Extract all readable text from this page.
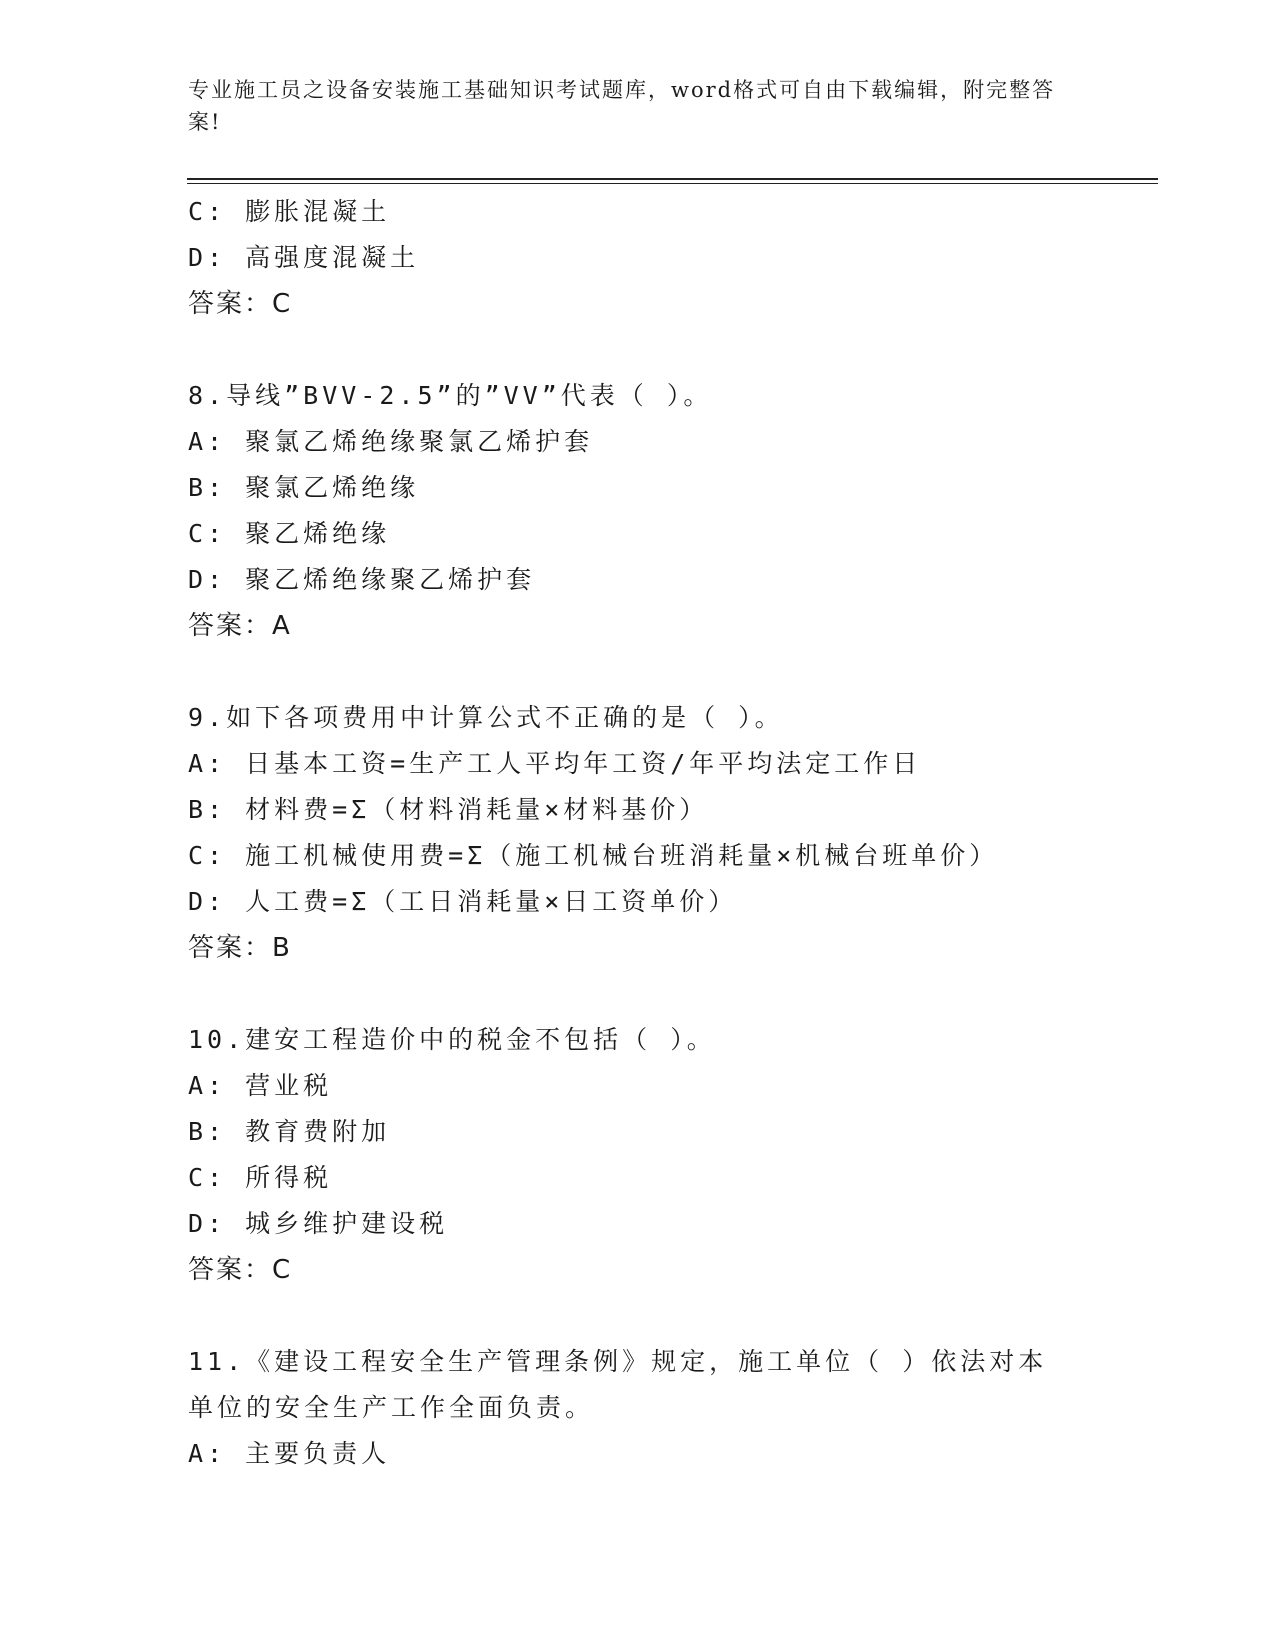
专业施工员之设备安装施工基础知识考试题库，word格式可自由下载编辑，附完整答案!
C: 膨胀混凝土
D: 高强度混凝土
答案：C
8.导线”BVV-2.5”的”VV”代表（ ）。
A: 聚氯乙烯绝缘聚氯乙烯护套
B: 聚氯乙烯绝缘
C: 聚乙烯绝缘
D: 聚乙烯绝缘聚乙烯护套
答案：A
9.如下各项费用中计算公式不正确的是（ ）。
A: 日基本工资=生产工人平均年工资/年平均法定工作日
B: 材料费=Σ（材料消耗量×材料基价）
C: 施工机械使用费=Σ（施工机械台班消耗量×机械台班单价）
D: 人工费=Σ（工日消耗量×日工资单价）
答案：B
10.建安工程造价中的税金不包括（ ）。
A: 营业税
B: 教育费附加
C: 所得税
D: 城乡维护建设税
答案：C
11.《建设工程安全生产管理条例》规定，施工单位（ ）依法对本单位的安全生产工作全面负责。
A: 主要负责人
